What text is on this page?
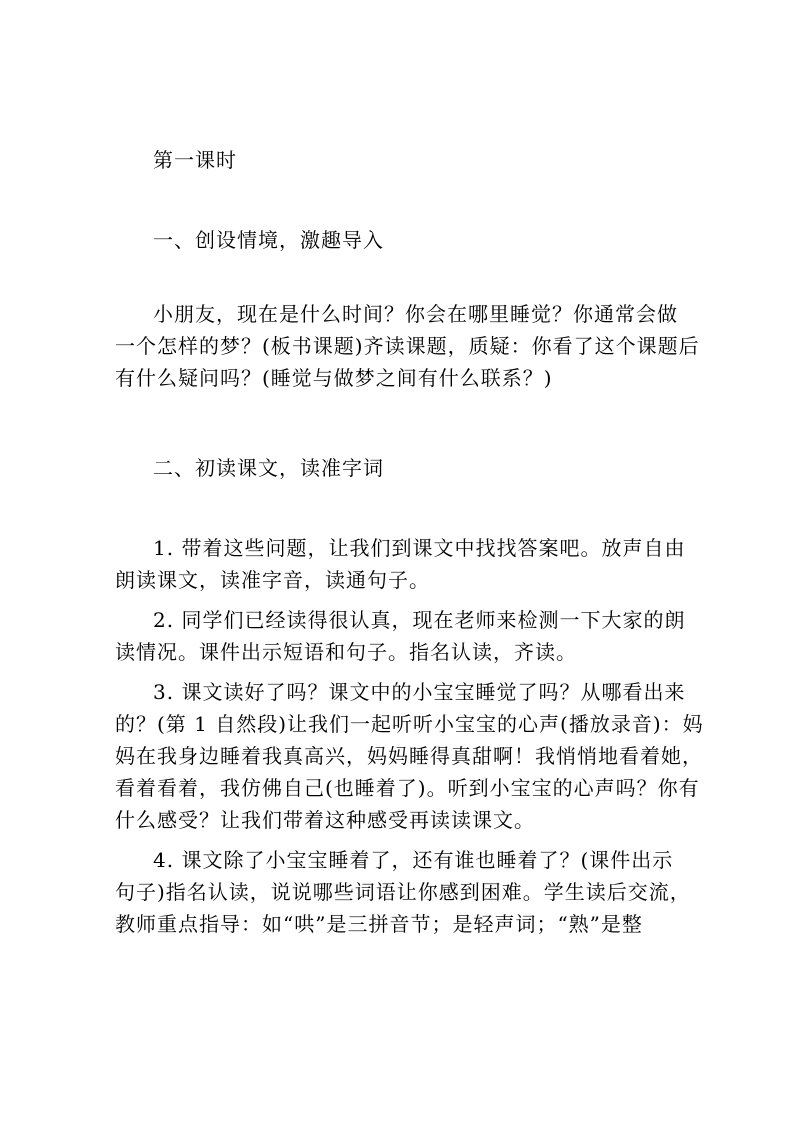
第一课时
一、创设情境，激趣导入
小朋友，现在是什么时间？你会在哪里睡觉？你通常会做
一个怎样的梦？(板书课题)齐读课题，质疑：你看了这个课题后
有什么疑问吗？(睡觉与做梦之间有什么联系？)
二、初读课文，读准字词
1. 带着这些问题，让我们到课文中找找答案吧。放声自由
朗读课文，读准字音，读通句子。
2. 同学们已经读得很认真，现在老师来检测一下大家的朗
读情况。课件出示短语和句子。指名认读，齐读。
3. 课文读好了吗？课文中的小宝宝睡觉了吗？从哪看出来
的？(第 1 自然段)让我们一起听听小宝宝的心声(播放录音)：妈
妈在我身边睡着我真高兴，妈妈睡得真甜啊！我悄悄地看着她，
看着看着，我仿佛自己(也睡着了)。听到小宝宝的心声吗？你有
什么感受？让我们带着这种感受再读读课文。
4. 课文除了小宝宝睡着了，还有谁也睡着了？(课件出示
句子)指名认读，说说哪些词语让你感到困难。学生读后交流，
教师重点指导：如“哄”是三拼音节；是轻声词；“熟”是整
